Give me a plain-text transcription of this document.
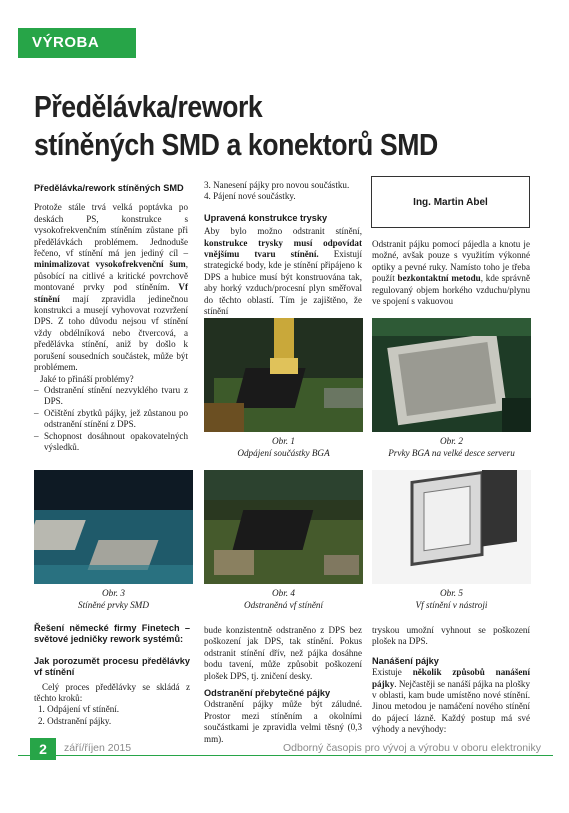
VÝROBA
Předělávka/rework
stíněných SMD a konektorů SMD
Předělávka/rework stíněných SMD

Protože stále trvá velká poptávka po deskách PS, konstrukce s vysokofrekvenčním stíněním zůstane při předělávkách problémem. Jednoduše řečeno, vf stínění má jen jediný cíl – minimalizovat vysokofrekvenční šum, působící na citlivé a kritické povrchově montované prvky pod stíněním. Vf stínění mají zpravidla jedinečnou konstrukci a musejí vyhovovat rozvržení DPS. Z toho důvodu nejsou vf stínění vždy obdélníková nebo čtvercová, a předělávka stínění, aniž by došlo k porušení sousedních součástek, může být problémem.

Jaké to přináší problémy?

– Odstranění stínění nezvyklého tvaru z DPS.
– Očištění zbytků pájky, jež zůstanou po odstranění stínění z DPS.
– Schopnost dosáhnout opakovatelných výsledků.

3. Nanesení pájky pro novou součástku.

4. Pájení nové součástky.

Upravená konstrukce trysky

Aby bylo možno odstranit stínění, konstrukce trysky musí odpovídat vnějšímu tvaru stínění. Existují strategické body, kde je stínění připájeno k DPS a hubice musí být konstruována tak, aby horký vzduch/procesní plyn směřoval do těchto oblastí. Tím je zajištěno, že stínění

Ing. Martin Abel

Odstranit pájku pomocí pájedla a knotu je možné, avšak pouze s využitím výkonné optiky a pevné ruky. Namísto toho je třeba použít bezkontaktní metodu, kde správně regulovaný objem horkého vzduchu/plynu ve spojení s vakuovou

Obr. 1
Odpájení součástky BGA
Obr. 2
Prvky BGA na velké desce serveru
Obr. 3
Stíněné prvky SMD
Obr. 4
Odstraněná vf stínění
Obr. 5
Vf stínění v nástroji
Řešení německé firmy Finetech – světové jedničky rework systémů:
Jak porozumět procesu předělávky vf stínění

Celý proces předělávky se skládá z těchto kroků:

1. Odpájení vf stínění.

2. Odstranění pájky.

bude konzistentně odstraněno z DPS bez poškození jak DPS, tak stínění. Pokus odstranit stínění dřív, než pájka dosáhne bodu tavení, může způsobit poškození plošek DPS, tj. zničení desky.

Odstranění přebytečné pájky

Odstranění pájky může být záludné. Prostor mezi stíněním a okolními součástkami je zpravidla velmi těsný (0,3 mm).

tryskou umožní vyhnout se poškození plošek na DPS.

Nanášení pájky

Existuje několik způsobů nanášení pájky. Nejčastěji se nanáší pájka na plošky v oblasti, kam bude umístěno nové stínění. Jinou metodou je namáčení nového stínění do pájecí lázně. Každý postup má své výhody a nevýhody:

2	září/říjen 2015	Odborný časopis pro vývoj a výrobu v oboru elektroniky
